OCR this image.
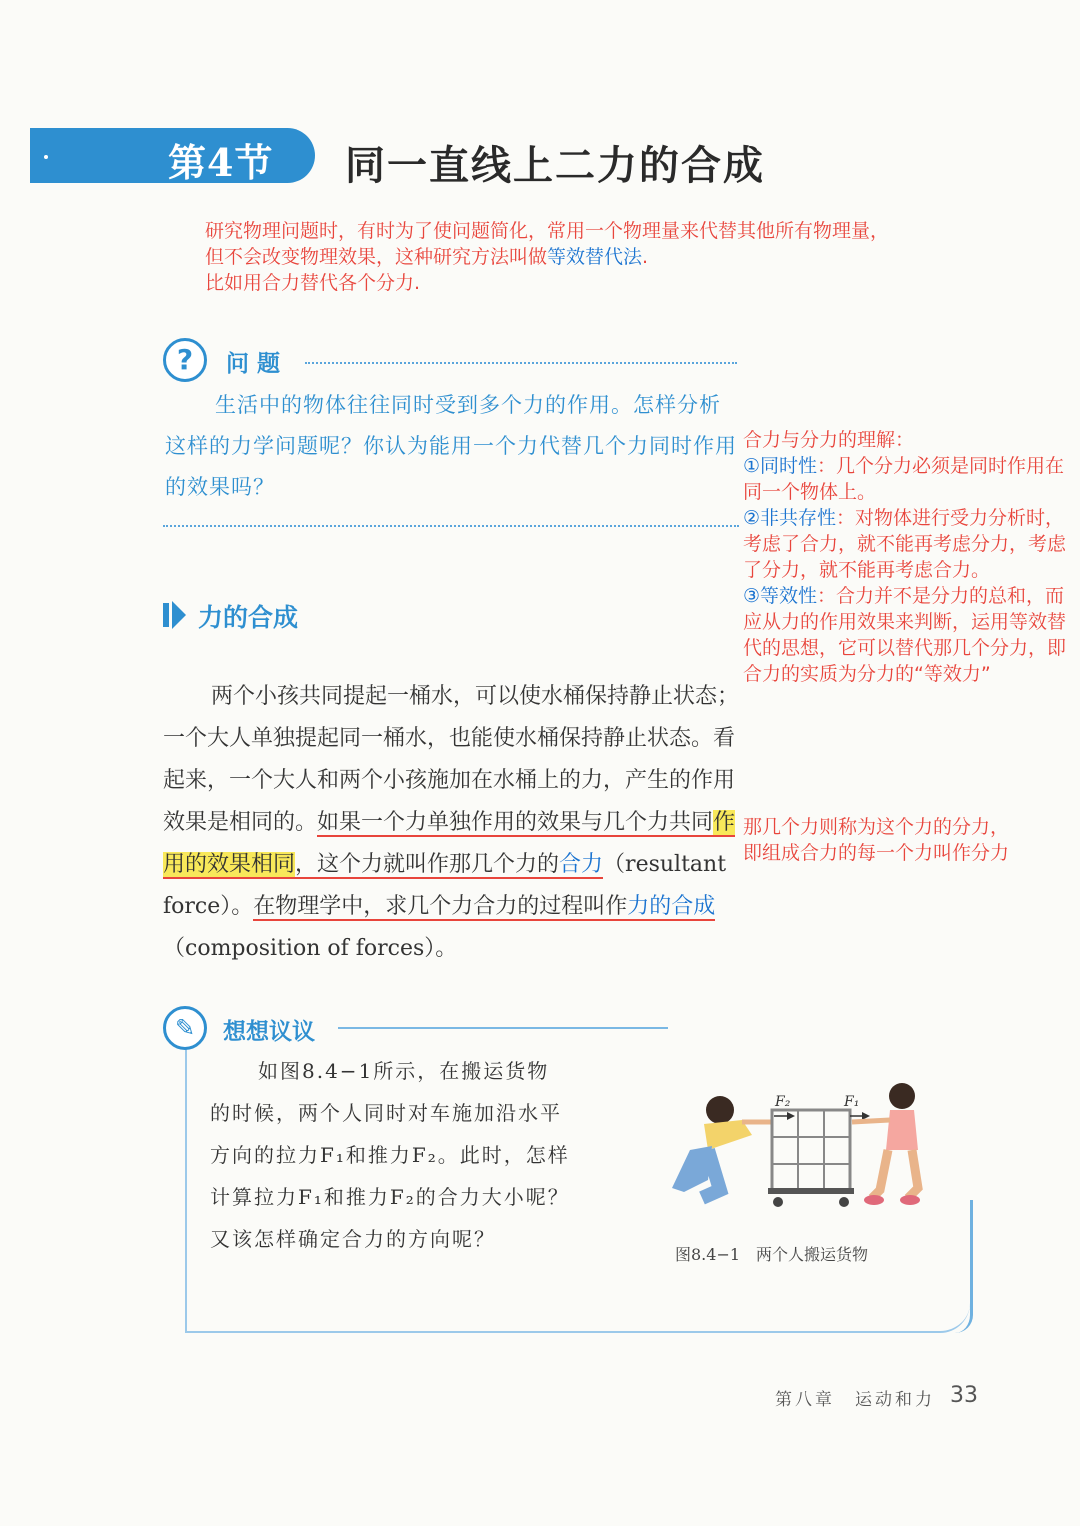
第4节 同一直线上二力的合成
研究物理问题时，有时为了使问题简化，常用一个物理量来代替其他所有物理量，
但不会改变物理效果，这种研究方法叫做等效替代法.
比如用合力替代各个分力.
?	问题
生活中的物体往往同时受到多个力的作用。怎样分析这样的力学问题呢？你认为能用一个力代替几个力同时作用的效果吗？
合力与分力的理解：
①同时性：几个分力必须是同时作用在同一个物体上。
②非共存性：对物体进行受力分析时，考虑了合力，就不能再考虑分力，考虑了分力，就不能再考虑合力。
③等效性：合力并不是分力的总和，而应从力的作用效果来判断，运用等效替代的思想，它可以替代那几个分力，即合力的实质为分力的“等效力”
那几个力则称为这个力的分力，
即组成合力的每一个力叫作分力
力的合成
两个小孩共同提起一桶水，可以使水桶保持静止状态；一个大人单独提起同一桶水，也能使水桶保持静止状态。看起来，一个大人和两个小孩施加在水桶上的力，产生的作用效果是相同的。如果一个力单独作用的效果与几个力共同作用的效果相同，这个力就叫作那几个力的合力（resultant force）。在物理学中，求几个力合力的过程叫作力的合成（composition of forces）。
✎	想想议议
如图8.4−1所示，在搬运货物的时候，两个人同时对车施加沿水平方向的拉力F₁和推力F₂。此时，怎样计算拉力F₁和推力F₂的合力大小呢？又该怎样确定合力的方向呢？
F₂	F₁
图8.4−1　两个人搬运货物
第八章　运动和力 33
